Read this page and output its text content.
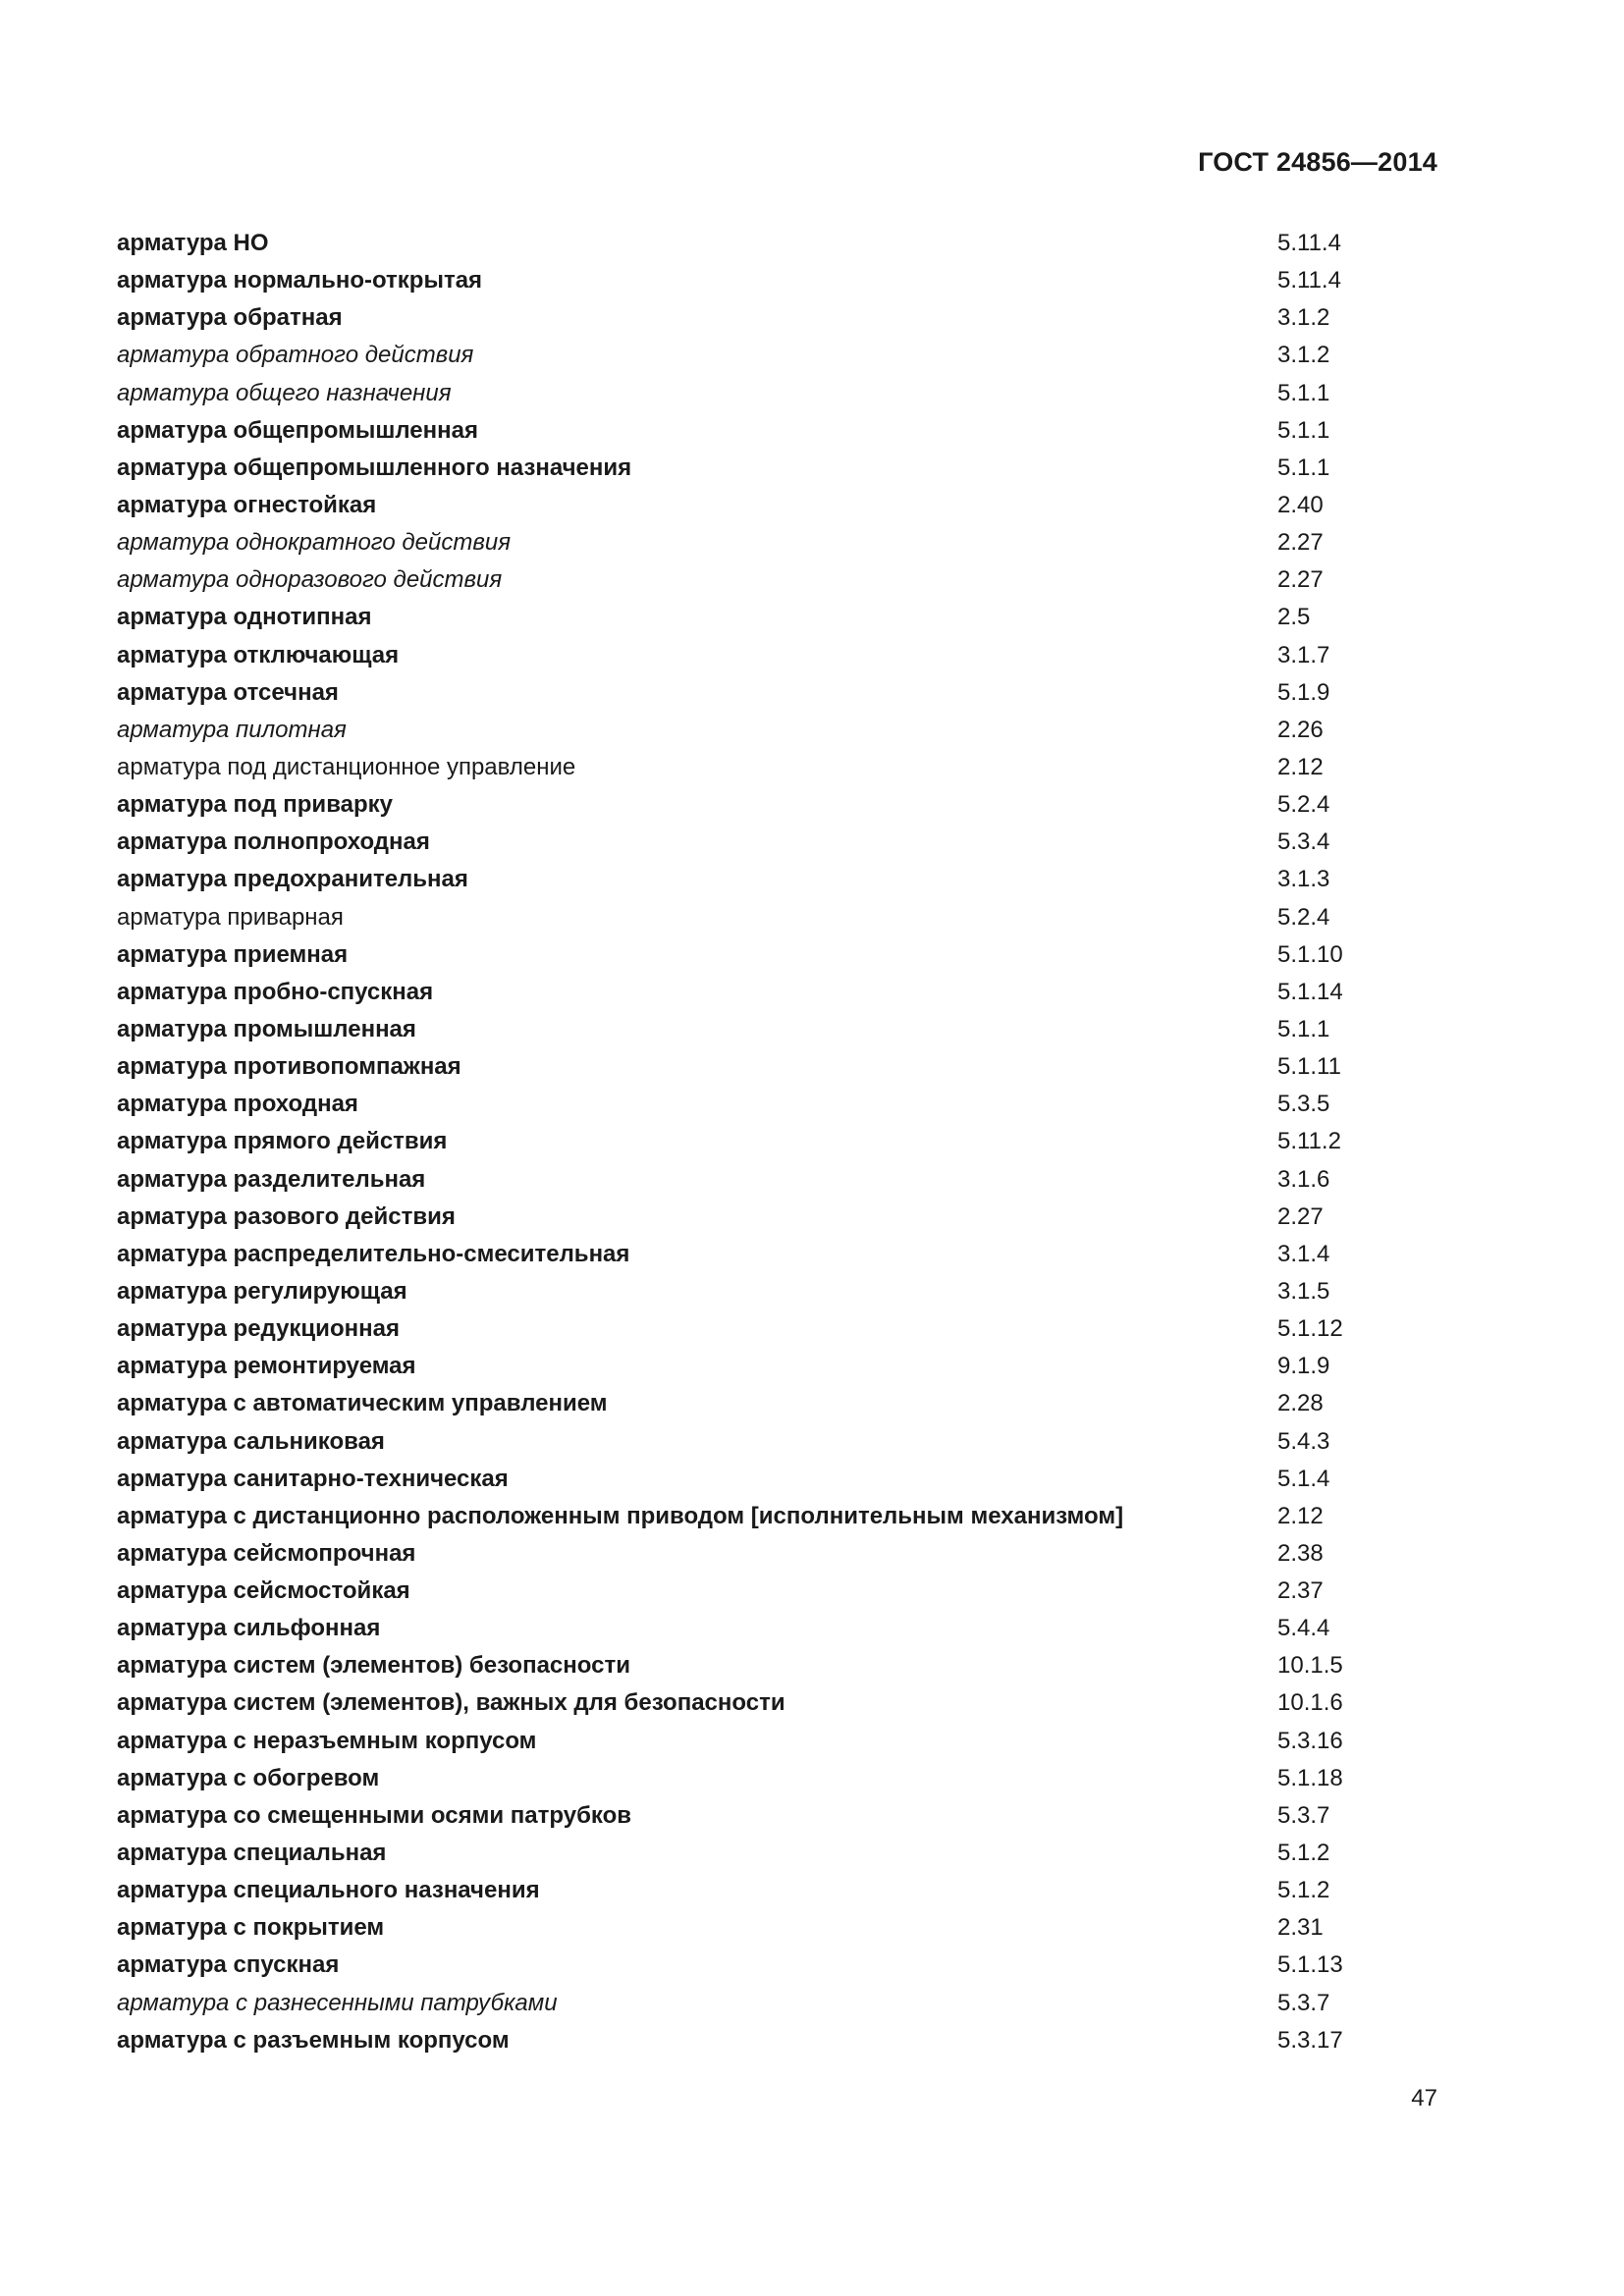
ГОСТ 24856—2014
арматура НО	5.11.4
арматура нормально-открытая	5.11.4
арматура обратная	3.1.2
арматура обратного действия	3.1.2
арматура общего назначения	5.1.1
арматура общепромышленная	5.1.1
арматура общепромышленного назначения	5.1.1
арматура огнестойкая	2.40
арматура однократного действия	2.27
арматура одноразового действия	2.27
арматура однотипная	2.5
арматура отключающая	3.1.7
арматура отсечная	5.1.9
арматура пилотная	2.26
арматура под дистанционное управление	2.12
арматура под приварку	5.2.4
арматура полнопроходная	5.3.4
арматура предохранительная	3.1.3
арматура приварная	5.2.4
арматура приемная	5.1.10
арматура пробно-спускная	5.1.14
арматура промышленная	5.1.1
арматура противопомпажная	5.1.11
арматура проходная	5.3.5
арматура прямого действия	5.11.2
арматура разделительная	3.1.6
арматура разового действия	2.27
арматура распределительно-смесительная	3.1.4
арматура регулирующая	3.1.5
арматура редукционная	5.1.12
арматура ремонтируемая	9.1.9
арматура с автоматическим управлением	2.28
арматура сальниковая	5.4.3
арматура санитарно-техническая	5.1.4
арматура с дистанционно расположенным приводом [исполнительным механизмом]	2.12
арматура сейсмопрочная	2.38
арматура сейсмостойкая	2.37
арматура сильфонная	5.4.4
арматура систем (элементов) безопасности	10.1.5
арматура систем (элементов), важных для безопасности	10.1.6
арматура с неразъемным корпусом	5.3.16
арматура с обогревом	5.1.18
арматура со смещенными осями патрубков	5.3.7
арматура специальная	5.1.2
арматура специального назначения	5.1.2
арматура с покрытием	2.31
арматура спускная	5.1.13
арматура с разнесенными патрубками	5.3.7
арматура с разъемным корпусом	5.3.17
47
